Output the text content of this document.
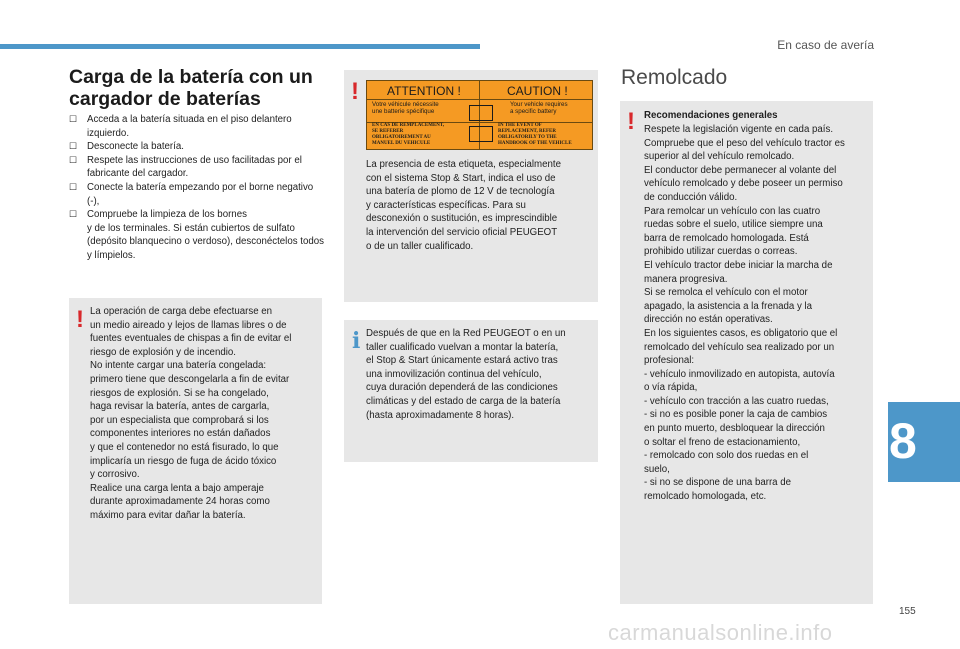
En caso de avería
8
Carga de la batería con un cargador de baterías
☐ Acceda a la batería situada en el piso delantero izquierdo.
☐ Desconecte la batería.
☐ Respete las instrucciones de uso facilitadas por el fabricante del cargador.
☐ Conecte la batería empezando por el borne negativo (-),
☐ Compruebe la limpieza de los bornes
y de los terminales. Si están cubiertos de sulfato (depósito blanquecino o verdoso), desconéctelos todos y límpielos.
! La operación de carga debe efectuarse en
un medio aireado y lejos de llamas libres o de
fuentes eventuales de chispas a fin de evitar el
riesgo de explosión y de incendio.
No intente cargar una batería congelada:
primero tiene que descongelarla a fin de evitar
riesgos de explosión. Si se ha congelado,
haga revisar la batería, antes de cargarla,
por un especialista que comprobará si los
componentes interiores no están dañados
y que el contenedor no está fisurado, lo que
implicaría un riesgo de fuga de ácido tóxico
y corrosivo.
Realice una carga lenta a bajo amperaje
durante aproximadamente 24 horas como
máximo para evitar dañar la batería.
! ATTENTION !	CAUTION !
Votre véhicule nécessite
une batterie spécifique
Your vehicle requires
a specific battery
EN CAS DE REMPLACEMENT,
SE REFERER
OBLIGATOIREMENT AU
MANUEL DU VEHICULE
IN THE EVENT OF
REPLACEMENT, REFER
OBLIGATORILY TO THE
HANDBOOK OF THE VEHICLE
La presencia de esta etiqueta, especialmente
con el sistema Stop & Start, indica el uso de
una batería de plomo de 12 V de tecnología
y características específicas. Para su
desconexión o sustitución, es imprescindible
la intervención del servicio oficial PEUGEOT
o de un taller cualificado.
i Después de que en la Red PEUGEOT o en un
taller cualificado vuelvan a montar la batería,
el Stop & Start únicamente estará activo tras
una inmovilización continua del vehículo,
cuya duración dependerá de las condiciones
climáticas y del estado de carga de la batería
(hasta aproximadamente 8 horas).
Remolcado
! Recomendaciones generales
Respete la legislación vigente en cada país.
Compruebe que el peso del vehículo tractor es
superior al del vehículo remolcado.
El conductor debe permanecer al volante del
vehículo remolcado y debe poseer un permiso
de conducción válido.
Para remolcar un vehículo con las cuatro
ruedas sobre el suelo, utilice siempre una
barra de remolcado homologada. Está
prohibido utilizar cuerdas o correas.
El vehículo tractor debe iniciar la marcha de
manera progresiva.
Si se remolca el vehículo con el motor
apagado, la asistencia a la frenada y la
dirección no están operativas.
En los siguientes casos, es obligatorio que el
remolcado del vehículo sea realizado por un
profesional:
- vehículo inmovilizado en autopista, autovía
o vía rápida,
- vehículo con tracción a las cuatro ruedas,
- si no es posible poner la caja de cambios
en punto muerto, desbloquear la dirección
o soltar el freno de estacionamiento,
- remolcado con solo dos ruedas en el
suelo,
- si no se dispone de una barra de
remolcado homologada, etc.
155
carmanualsonline.info
